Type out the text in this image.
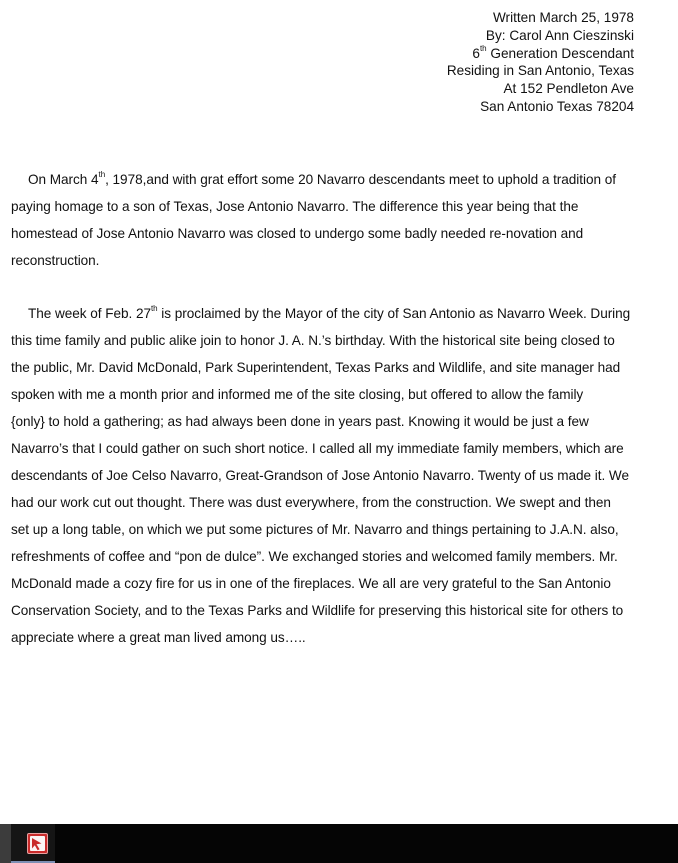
Written March 25, 1978
By: Carol Ann Cieszinski
6th Generation Descendant
Residing in San Antonio, Texas
At 152 Pendleton Ave
San Antonio Texas 78204
On March 4th, 1978,and with grat effort some 20 Navarro descendants meet to uphold a tradition of
paying homage to a son of Texas, Jose Antonio Navarro. The difference this year being that the
homestead of Jose Antonio Navarro was closed to undergo some badly needed re-novation and
reconstruction.
The week of Feb. 27th is proclaimed by the Mayor of the city of San Antonio as Navarro Week. During
this time family and public alike join to honor J. A. N.’s birthday. With the historical site being closed to
the public, Mr. David McDonald, Park Superintendent, Texas Parks and Wildlife, and site manager had
spoken with me a month prior and informed me of the site closing, but offered to allow the family
{only} to hold a gathering; as had always been done in years past. Knowing it would be just a few
Navarro’s that I could gather on such short notice. I called all my immediate family members, which are
descendants of Joe Celso Navarro, Great-Grandson of Jose Antonio Navarro. Twenty of us made it. We
had our work cut out thought. There was dust everywhere, from the construction. We swept and then
set up a long table, on which we put some pictures of Mr. Navarro and things pertaining to J.A.N. also,
refreshments of coffee and “pon de dulce”. We exchanged stories and welcomed family members. Mr.
McDonald made a cozy fire for us in one of the fireplaces. We all are very grateful to the San Antonio
Conservation Society, and to the Texas Parks and Wildlife for preserving this historical site for others to
appreciate where a great man lived among us…..
